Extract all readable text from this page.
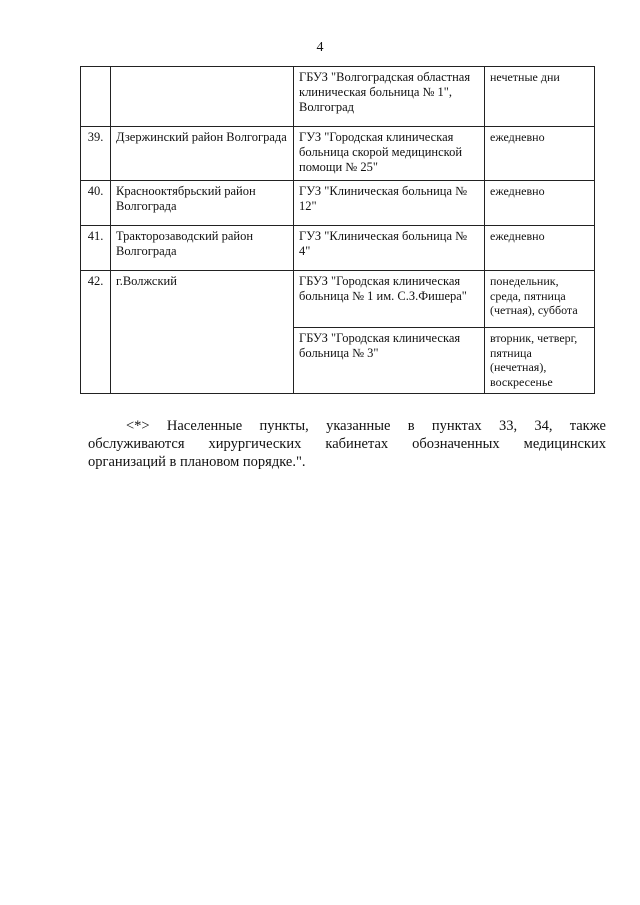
4
		ГБУЗ "Волгоградская областная клиническая больница № 1", Волгоград	нечетные дни
39.	Дзержинский район Волгограда	ГУЗ "Городская клиническая больница скорой медицинской помощи № 25"	ежедневно
40.	Краснооктябрьский район Волгограда	ГУЗ "Клиническая больница № 12"	ежедневно
41.	Тракторозаводский район Волгограда	ГУЗ "Клиническая больница № 4"	ежедневно
42.	г.Волжский	ГБУЗ "Городская клиническая больница № 1 им. С.З.Фишера"	понедельник, среда, пятница (четная), суббота
		ГБУЗ "Городская клиническая больница № 3"	вторник, четверг, пятница (нечетная), воскресенье
<*> Населенные пункты, указанные в пунктах 33, 34, также
обслуживаются хирургических кабинетах обозначенных медицинских
организаций в плановом порядке.".
